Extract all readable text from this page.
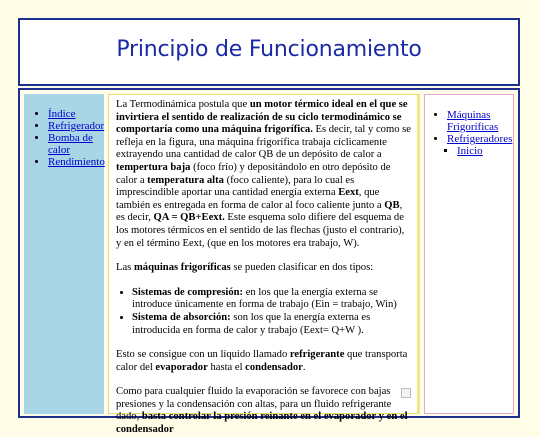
Principio de Funcionamiento
• Índice
• Refrigerador
• Bomba de calor
• Rendimiento

La Termodinámica postula que un motor térmico ideal en el que se invirtiera el sentido de realización de su ciclo termodinámico se comportaría como una máquina frigorífica. Es decir, tal y como se refleja en la figura, una máquina frigorífica trabaja cíclicamente extrayendo una cantidad de calor QB de un depósito de calor a tempertura baja (foco frío) y depositándolo en otro depósito de calor a temperatura alta (foco caliente), para lo cual es imprescindible aportar una cantidad energía externa Eext, que también es entregada en forma de calor al foco caliente junto a QB, es decir, QA = QB+Eext. Este esquema solo difiere del esquema de los motores térmicos en el sentido de las flechas (justo el contrario), y en el término Eext, (que en los motores era trabajo, W).

Las máquinas frigoríficas se pueden clasificar en dos tipos:

• Sistemas de compresión: en los que la energía externa se introduce únicamente en forma de trabajo (Ein = trabajo, Win)
• Sistema de absorción: son los que la energía externa es introducida en forma de calor y trabajo (Eext= Q+W ).

Esto se consigue con un líquido llamado refrigerante que transporta calor del evaporador hasta el condensador.

Como para cualquier fluido la evaporación se favorece con bajas presiones y la condensación con altas, para un fluido refrigerante dado, basta controlar la presión reinante en el evaporador y en el condensador

• Máquinas Frigoríficas
• Refrigeradores
▪ Inicio
